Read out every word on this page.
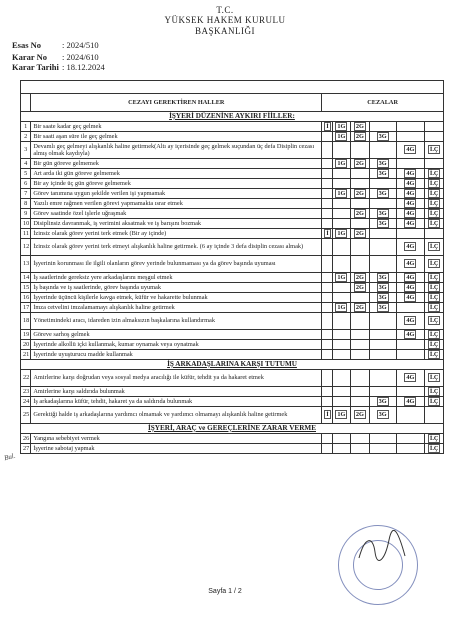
T.C.
YÜKSEK HAKEM KURULU
BAŞKANLIĞI
Esas No : 2024/510
Karar No : 2024/610
Karar Tarihi : 18.12.2024

	CEZAYI GEREKTİREN HALLER	CEZALAR					
İŞYERİ DÜZENİNE AYKIRI FİİLLER:							
1	Bir saate kadar geç gelmek	İ	1G	2G			
2	Bir saati aşan süre ile geç gelmek		1G	2G	3G		
3	Devamlı geç gelmeyi alışkanlık haline getirmek(Altı ay içerisinde geç gelmek suçundan üç defa Disiplin cezası almış olmak kaydıyla)					4G	İ.Ç
4	Bir gün göreve gelmemek		1G	2G	3G		
5	Art arda iki gün göreve gelmemek				3G	4G	İ.Ç
6	Bir ay içinde üç gün göreve gelmemek					4G	İ.Ç
7	Görev tanımına uygun şekilde verilen işi yapmamak		1G	2G	3G	4G	İ.Ç
8	Yazılı emre rağmen verilen görevi yapmamakta ısrar etmek					4G	İ.Ç
9	Görev saatinde özel işlerle uğraşmak			2G	3G	4G	İ.Ç
10	Disiplinsiz davranmak, iş verimini aksatmak ve iş barışını bozmak				3G	4G	İ.Ç
11	İzinsiz olarak görev yerini terk etmek (Bir ay içinde)	İ	1G	2G			
12	İzinsiz olarak görev yerini terk etmeyi alışkanlık haline getirmek. (6 ay içinde 3 defa disiplin cezası almak)					4G	İ.Ç
13	İşyerinin korunması ile ilgili olanların görev yerinde bulunmaması ya da görev başında uyuması					4G	İ.Ç
14	İş saatlerinde gereksiz yere arkadaşlarını meşgul etmek		1G	2G	3G	4G	İ.Ç
15	İş başında ve iş saatlerinde, görev başında uyumak			2G	3G	4G	İ.Ç
16	İşyerinde üçüncü kişilerle kavga etmek, küfür ve hakarette bulunmak				3G	4G	İ.Ç
17	İmza cetvelini imzalamamayı alışkanlık haline getirmek		1G	2G	3G		İ.Ç
18	Yönetimindeki aracı, idareden izin almaksızın başkalarına kullandırmak					4G	İ.Ç
19	Göreve sarhoş gelmek					4G	İ.Ç
20	İşyerinde alkollü içki kullanmak, kumar oynamak veya oynatmak						İ.Ç
21	İşyerinde uyuşturucu madde kullanmak						İ.Ç
İŞ ARKADAŞLARINA KARŞI TUTUMU							
22	Amirlerine karşı doğrudan veya sosyal medya aracılığı ile küfür, tehdit ya da hakaret etmek					4G	İ.Ç
23	Amirlerine karşı saldırıda bulunmak						İ.Ç
24	İş arkadaşlarına küfür, tehdit, hakaret ya da saldırıda bulunmak				3G	4G	İ.Ç
25	Gerektiği halde iş arkadaşlarına yardımcı olmamak ve yardımcı olmamayı alışkanlık haline getirmek	İ	1G	2G	3G		
İŞYERİ, ARAÇ ve GEREÇLERİNE ZARAR VERME							
26	Yangına sebebiyet vermek						İ.Ç
27	İşyerine sabotaj yapmak						İ.Ç
Bul.
Sayfa 1 / 2
